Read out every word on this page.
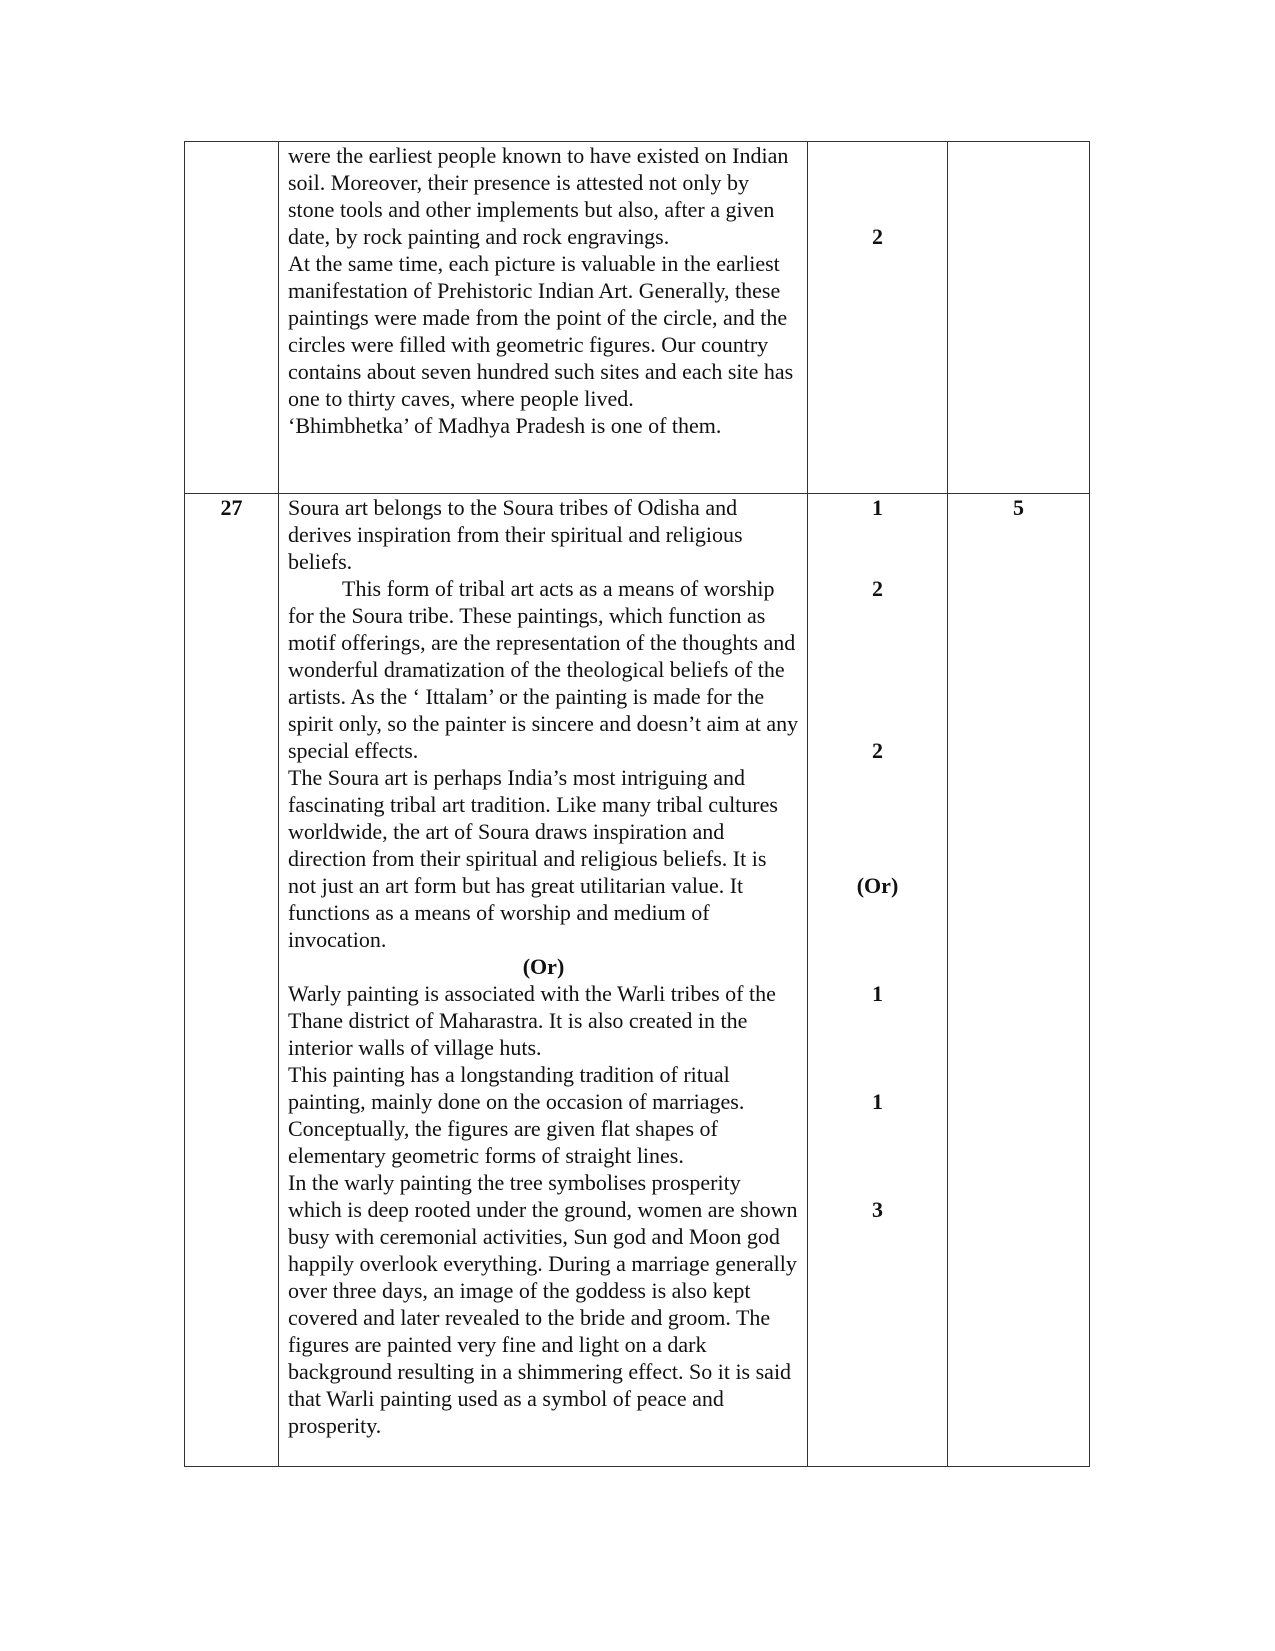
were the earliest people known to have existed on Indian soil. Moreover, their presence is attested not only by stone tools and other implements but also, after a given date, by rock painting and rock engravings.

At the same time, each picture is valuable in the earliest manifestation of Prehistoric Indian Art. Generally, these paintings were made from the point of the circle, and the circles were filled with geometric figures. Our country contains about seven hundred such sites and each site has one to thirty caves, where people lived.

‘Bhimbhetka’ of Madhya Pradesh is one of them.

2
27	Soura art belongs to the Soura tribes of Odisha and derives inspiration from their spiritual and religious beliefs.

This form of tribal art acts as a means of worship for the Soura tribe. These paintings, which function as motif offerings, are the representation of the thoughts and wonderful dramatization of the theological beliefs of the artists. As the ‘ Ittalam’ or the painting is made for the spirit only, so the painter is sincere and doesn’t aim at any special effects.

The Soura art is perhaps India’s most intriguing and fascinating tribal art tradition. Like many tribal cultures worldwide, the art of Soura draws inspiration and direction from their spiritual and religious beliefs. It is not just an art form but has great utilitarian value. It functions as a means of worship and medium of invocation.

(Or)

Warly painting is associated with the Warli tribes of the Thane district of Maharastra. It is also created in the interior walls of village huts.

This painting has a longstanding tradition of ritual painting, mainly done on the occasion of marriages. Conceptually, the figures are given flat shapes of elementary geometric forms of straight lines.

In the warly painting the tree symbolises prosperity which is deep rooted under the ground, women are shown busy with ceremonial activities, Sun god and Moon god happily overlook everything. During a marriage generally over three days, an image of the goddess is also kept covered and later revealed to the bride and groom. The figures are painted very fine and light on a dark background resulting in a shimmering effect. So it is said that Warli painting used as a symbol of peace and prosperity.

1
2
2
(Or)
1
1
3
5
